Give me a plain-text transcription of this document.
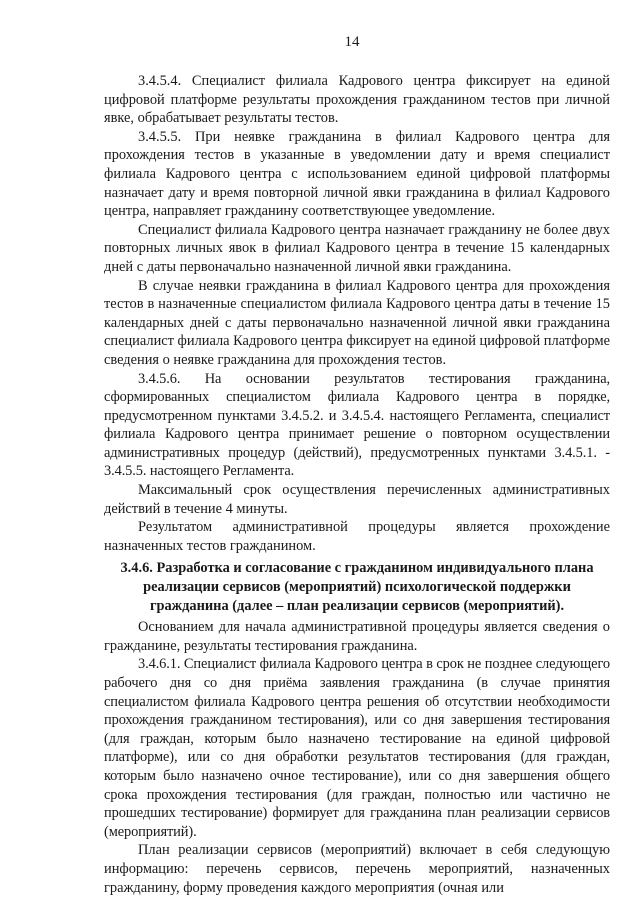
14

3.4.5.4. Специалист филиала Кадрового центра фиксирует на единой цифровой платформе результаты прохождения гражданином тестов при личной явке, обрабатывает результаты тестов.

3.4.5.5. При неявке гражданина в филиал Кадрового центра для прохождения тестов в указанные в уведомлении дату и время специалист филиала Кадрового центра с использованием единой цифровой платформы назначает дату и время повторной личной явки гражданина в филиал Кадрового центра, направляет гражданину соответствующее уведомление.

Специалист филиала Кадрового центра назначает гражданину не более двух повторных личных явок в филиал Кадрового центра в течение 15 календарных дней с даты первоначально назначенной личной явки гражданина.

В случае неявки гражданина в филиал Кадрового центра для прохождения тестов в назначенные специалистом филиала Кадрового центра даты в течение 15 календарных дней с даты первоначально назначенной личной явки гражданина специалист филиала Кадрового центра фиксирует на единой цифровой платформе сведения о неявке гражданина для прохождения тестов.

3.4.5.6. На основании результатов тестирования гражданина, сформированных специалистом филиала Кадрового центра в порядке, предусмотренном пунктами 3.4.5.2. и 3.4.5.4. настоящего Регламента, специалист филиала Кадрового центра принимает решение о повторном осуществлении административных процедур (действий), предусмотренных пунктами 3.4.5.1. - 3.4.5.5. настоящего Регламента.

Максимальный срок осуществления перечисленных административных действий в течение 4 минуты.

Результатом административной процедуры является прохождение назначенных тестов гражданином.

3.4.6. Разработка и согласование с гражданином индивидуального плана реализации сервисов (мероприятий) психологической поддержки гражданина (далее – план реализации сервисов (мероприятий).

Основанием для начала административной процедуры является сведения о гражданине, результаты тестирования гражданина.

3.4.6.1. Специалист филиала Кадрового центра в срок не позднее следующего рабочего дня со дня приёма заявления гражданина (в случае принятия специалистом филиала Кадрового центра решения об отсутствии необходимости прохождения гражданином тестирования), или со дня завершения тестирования (для граждан, которым было назначено тестирование на единой цифровой платформе), или со дня обработки результатов тестирования (для граждан, которым было назначено очное тестирование), или со дня завершения общего срока прохождения тестирования (для граждан, полностью или частично не прошедших тестирование) формирует для гражданина план реализации сервисов (мероприятий).

План реализации сервисов (мероприятий) включает в себя следующую информацию: перечень сервисов, перечень мероприятий, назначенных гражданину, форму проведения каждого мероприятия (очная или
